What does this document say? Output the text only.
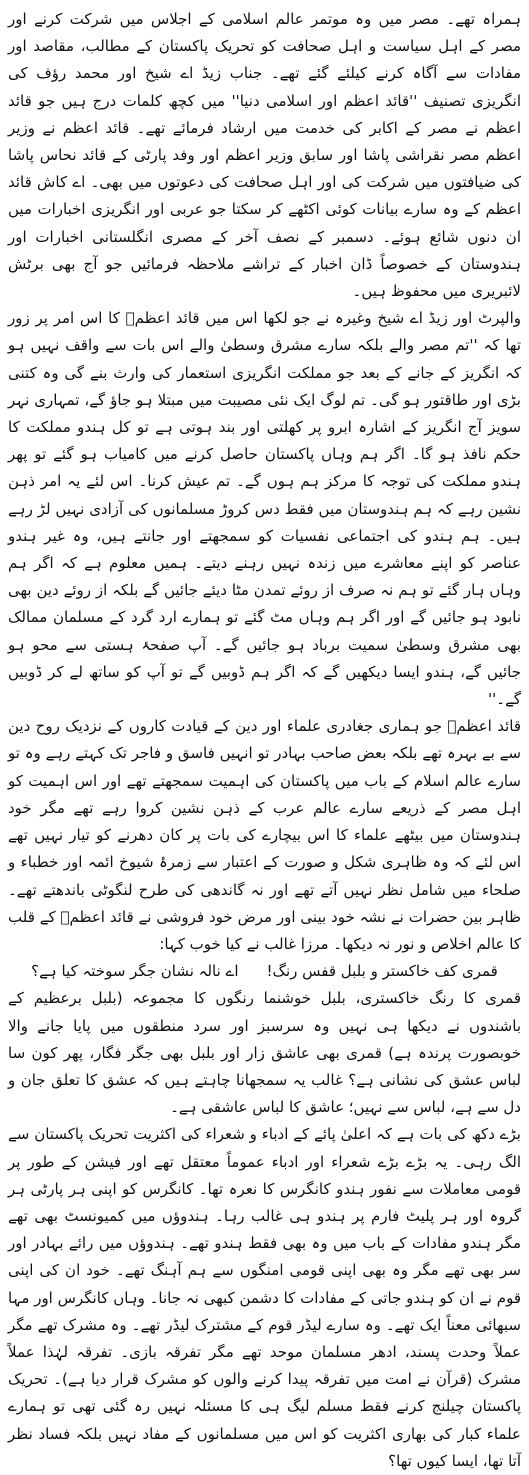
ہمراہ تھے۔ مصر میں وہ موتمر عالم اسلامی کے اجلاس میں شرکت کرنے اور مصر کے اہل سیاست و اہل صحافت کو تحریک پاکستان کے مطالب، مقاصد اور مفادات سے آگاہ کرنے کیلئے گئے تھے۔ جناب زیڈ اے شیخ اور محمد رؤف کی انگریزی تصنیف ''قائد اعظم اور اسلامی دنیا'' میں کچھ کلمات درج ہیں جو قائد اعظم نے مصر کے اکابر کی خدمت میں ارشاد فرمائے تھے۔ قائد اعظم نے وزیر اعظم مصر نقراشی پاشا اور سابق وزیر اعظم اور وفد پارٹی کے قائد نحاس پاشا کی ضیافتوں میں شرکت کی اور اہل صحافت کی دعوتوں میں بھی۔ اے کاش قائد اعظم کے وہ سارے بیانات کوئی اکٹھے کر سکتا جو عربی اور انگریزی اخبارات میں ان دنوں شائع ہوئے۔ دسمبر کے نصف آخر کے مصری انگلستانی اخبارات اور ہندوستان کے خصوصاً ڈان اخبار کے تراشے ملاحظہ فرمائیں جو آج بھی برٹش لائبریری میں محفوظ ہیں۔

والپرٹ اور زیڈ اے شیخ وغیرہ نے جو لکھا اس میں قائد اعظمؒ کا اس امر پر زور تھا کہ ''تم مصر والے بلکہ سارے مشرق وسطیٰ والے اس بات سے واقف نہیں ہو کہ انگریز کے جانے کے بعد جو مملکت انگریزی استعمار کی وارث بنے گی وہ کتنی بڑی اور طاقتور ہو گی۔ تم لوگ ایک نئی مصیبت میں مبتلا ہو جاؤ گے، تمہاری نہر سویز آج انگریز کے اشارہ ابرو پر کھلتی اور بند ہوتی ہے تو کل ہندو مملکت کا حکم نافذ ہو گا۔ اگر ہم وہاں پاکستان حاصل کرنے میں کامیاب ہو گئے تو پھر ہندو مملکت کی توجہ کا مرکز ہم ہوں گے۔ تم عیش کرنا۔ اس لئے یہ امر ذہن نشین رہے کہ ہم ہندوستان میں فقط دس کروڑ مسلمانوں کی آزادی نہیں لڑ رہے ہیں۔ ہم ہندو کی اجتماعی نفسیات کو سمجھتے اور جانتے ہیں، وہ غیر ہندو عناصر کو اپنے معاشرے میں زندہ نہیں رہنے دیتے۔ ہمیں معلوم ہے کہ اگر ہم وہاں ہار گئے تو ہم نہ صرف از روئے تمدن مٹا دیئے جائیں گے بلکہ از روئے دین بھی نابود ہو جائیں گے اور اگر ہم وہاں مٹ گئے تو ہمارے ارد گرد کے مسلمان ممالک بھی مشرق وسطیٰ سمیت برباد ہو جائیں گے۔ آپ صفحۂ ہستی سے محو ہو جائیں گے، ہندو ایسا دیکھیں گے کہ اگر ہم ڈوبیں گے تو آپ کو ساتھ لے کر ڈوبیں گے۔''

قائد اعظمؒ جو ہماری جغادری علماء اور دین کے قیادت کاروں کے نزدیک روح دین سے بے بہرہ تھے بلکہ بعض صاحب بہادر تو انہیں فاسق و فاجر تک کہتے رہے وہ تو سارے عالم اسلام کے باب میں پاکستان کی اہمیت سمجھتے تھے اور اس اہمیت کو اہل مصر کے ذریعے سارے عالم عرب کے ذہن نشین کروا رہے تھے مگر خود ہندوستان میں بیٹھے علماء کا اس بیچارے کی بات پر کان دھرنے کو تیار نہیں تھے اس لئے کہ وہ ظاہری شکل و صورت کے اعتبار سے زمرۂ شیوخ ائمہ اور خطباء و صلحاء میں شامل نظر نہیں آتے تھے اور نہ گاندھی کی طرح لنگوٹی باندھتے تھے۔ ظاہر بین حضرات نے نشہ خود بینی اور مرض خود فروشی نے قائد اعظمؒ کے قلب کا عالم اخلاص و نور نہ دیکھا۔ مرزا غالب نے کیا خوب کہا:

قمری کف خاکستر و بلبل قفس رنگ!
اے نالہ نشان جگر سوختہ کیا ہے؟

قمری کا رنگ خاکستری، بلبل خوشنما رنگوں کا مجموعہ (بلبل برعظیم کے باشندوں نے دیکھا ہی نہیں وہ سرسبز اور سرد منطقوں میں پایا جانے والا خوبصورت پرندہ ہے) قمری بھی عاشق زار اور بلبل بھی جگر فگار، پھر کون سا لباس عشق کی نشانی ہے؟ غالب یہ سمجھانا چاہتے ہیں کہ عشق کا تعلق جان و دل سے ہے، لباس سے نہیں؛ عاشق کا لباس عاشقی ہے۔

بڑے دکھ کی بات ہے کہ اعلیٰ پائے کے ادباء و شعراء کی اکثریت تحریک پاکستان سے الگ رہی۔ یہ بڑے بڑے شعراء اور ادباء عموماً معتقل تھے اور فیشن کے طور پر قومی معاملات سے نفور ہندو کانگرس کا نعرہ تھا۔ کانگرس کو اپنی ہر پارٹی ہر گروہ اور ہر پلیٹ فارم پر ہندو ہی غالب رہا۔ ہندوؤں میں کمیونسٹ بھی تھے مگر ہندو مفادات کے باب میں وہ بھی فقط ہندو تھے۔ ہندوؤں میں رائے بہادر اور سر بھی تھے مگر وہ بھی اپنی قومی امنگوں سے ہم آہنگ تھے۔ خود ان کی اپنی قوم نے ان کو ہندو جاتی کے مفادات کا دشمن کبھی نہ جانا۔ وہاں کانگرس اور مہا سبھائی معناً ایک تھے۔ وہ سارے لیڈر قوم کے مشترک لیڈر تھے۔ وہ مشرک تھے مگر عملاً وحدت پسند، ادھر مسلمان موحد تھے مگر تفرقہ بازی۔ تفرقہ لہٰذا عملاً مشرک (قرآن نے امت میں تفرقہ پیدا کرنے والوں کو مشرک قرار دیا ہے)۔ تحریک پاکستان چیلنج کرنے فقط مسلم لیگ ہی کا مسئلہ نہیں رہ گئی تھی تو ہمارے علماء کبار کی بھاری اکثریت کو اس میں مسلمانوں کے مفاد نہیں بلکہ فساد نظر آتا تھا، ایسا کیوں تھا؟
